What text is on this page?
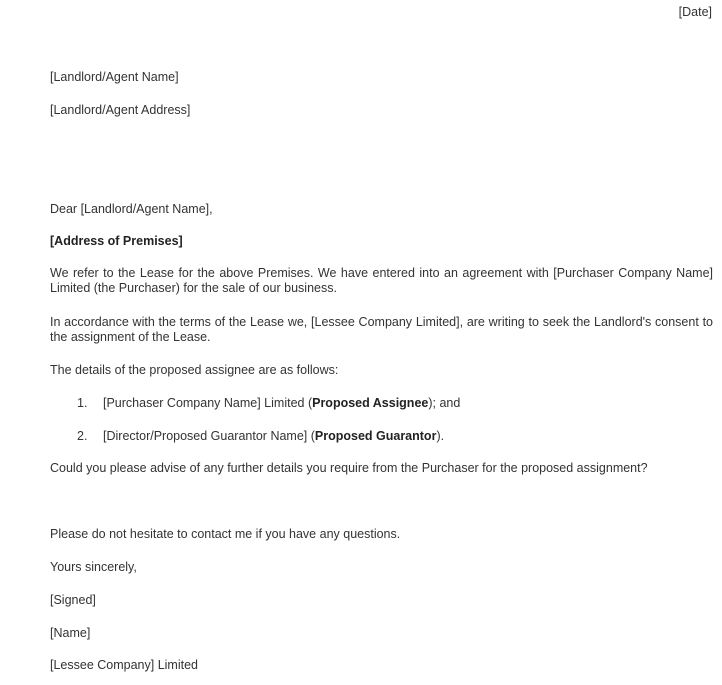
[Date]
[Landlord/Agent Name]
[Landlord/Agent Address]
Dear [Landlord/Agent Name],
[Address of Premises]
We refer to the Lease for the above Premises. We have entered into an agreement with [Purchaser Company Name] Limited (the Purchaser) for the sale of our business.
In accordance with the terms of the Lease we, [Lessee Company Limited], are writing to seek the Landlord's consent to the assignment of the Lease.
The details of the proposed assignee are as follows:
1. [Purchaser Company Name] Limited (Proposed Assignee); and
2. [Director/Proposed Guarantor Name] (Proposed Guarantor).
Could you please advise of any further details you require from the Purchaser for the proposed assignment?
Please do not hesitate to contact me if you have any questions.
Yours sincerely,
[Signed]
[Name]
[Lessee Company] Limited
